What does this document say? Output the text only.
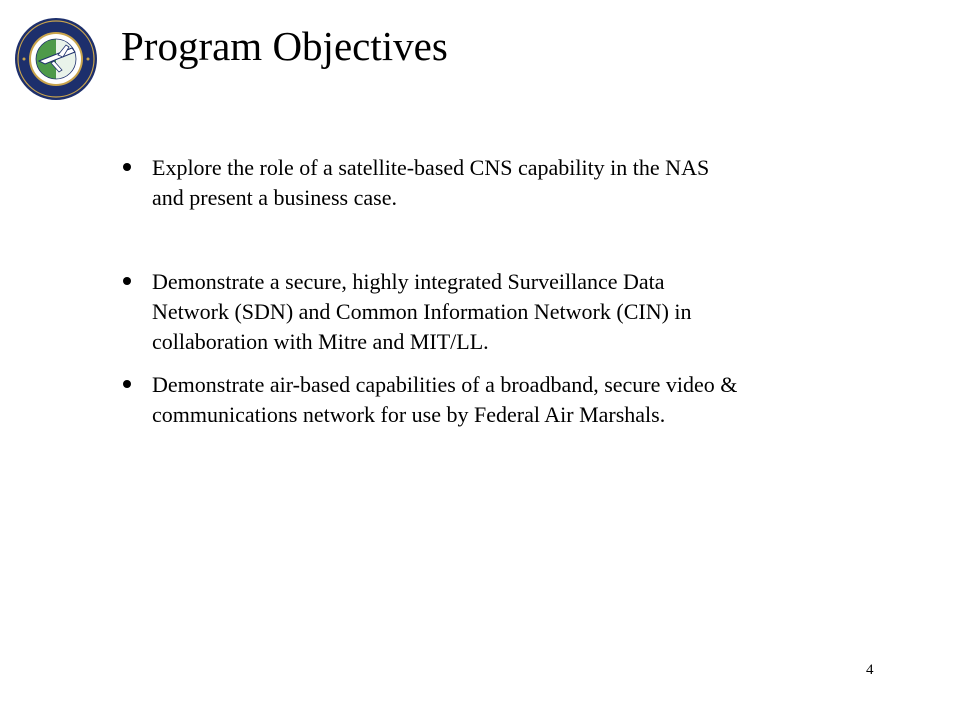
Program Objectives
Explore the role of a satellite-based CNS capability in the NAS
and present a business case.
Demonstrate a secure, highly integrated Surveillance Data
Network (SDN) and Common Information Network (CIN) in
collaboration with Mitre and MIT/LL.
Demonstrate air-based capabilities of a broadband, secure video &
communications network for use by Federal Air Marshals.
4
